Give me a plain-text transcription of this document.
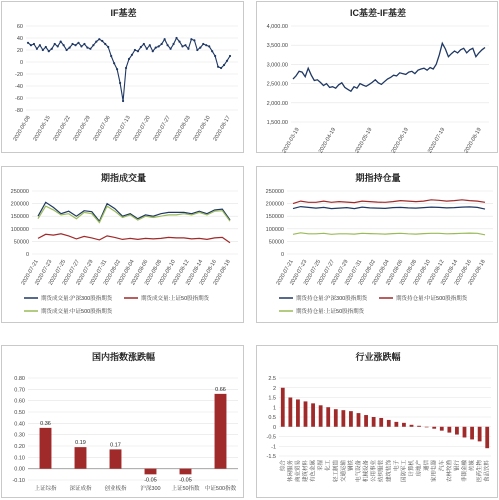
IF基差
60
40
20
0
-20
-40
-60
-80
2020-06-08 2020-06-15 2020-06-22 2020-06-29 2020-07-06 2020-07-13 2020-07-20 2020-07-27 2020-08-03 2020-08-10 2020-08-17
IC基差-IF基差
4,000.00
3,500.00
3,000.00
2,500.00
2,000.00
1,500.00
2020-03-19	2020-04-19	2020-05-19	2020-06-19	2020-07-19	2020-08-19
期指成交量
250000
200000
150000
100000
50000
0
2020-07-21
2020-07-23
2020-07-25
2020-07-27
2020-07-29
2020-07-31
2020-08-02
2020-08-04
2020-08-06
2020-08-08
2020-08-10
2020-08-12
2020-08-14
2020-08-16
2020-08-18
期货成交量:沪深300股指期货	期货成交量:上证50股指期货
期货成交量:中证500股指期货
期指持仓量
250000
200000
150000
100000
50000
0
2020-07-21
2020-07-23
2020-07-25
2020-07-27
2020-07-29
2020-07-31
2020-08-02
2020-08-04
2020-08-06
2020-08-08
2020-08-10
2020-08-12
2020-08-14
2020-08-16
2020-08-18
期货持仓量:沪深300股指期货	期货持仓量:中证500股指期货
期货持仓量:上证50股指期货
国内指数涨跌幅
0.80
0.70
0.60
0.50
0.40
0.30
0.20
0.10
0.00
-0.10
0.36
上证综指
0.19
深证成指
0.17
创业板指
-0.05
沪深300
-0.05
上证50指数
0.66
中证500指数
行业涨跌幅
2.5
2
1.5
1
0.5
0
-0.5
-1
-1.5
综合 休闲服务 商业贸易 建筑材料 有色金属 采掘 化工 轻工制造 交通运输 钢铁 电气设备 机械设备 公用事业 纺织服装 建筑装饰 电子 国防军工 计算机 房地产 通信 家用电器 汽车 农林牧渔 银行 非银金融 传媒 医药生物 食品饮料
